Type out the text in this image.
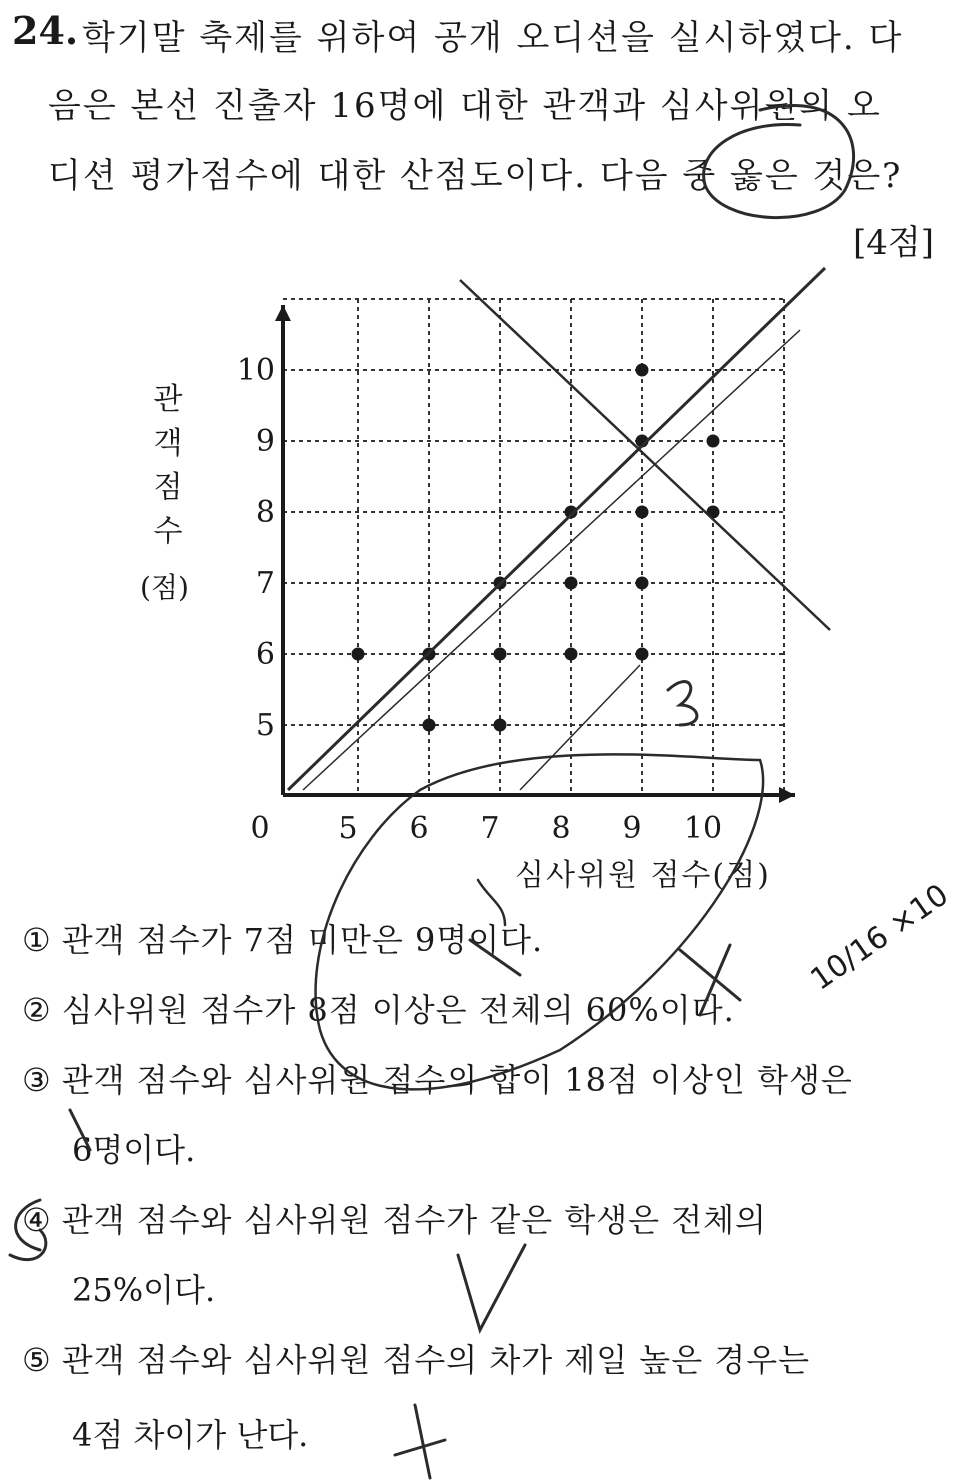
24. 학기말 축제를 위하여 공개 오디션을 실시하였다. 다
음은 본선 진출자 16명에 대한 관객과 심사위원의 오
디션 평가점수에 대한 산점도이다. 다음 중 옳은 것은?
[4점]
0 5 6 7 8 9 10
5
6
7
8
9
10
관
객
점
수
(점)
심사위원 점수(점)
① 관객 점수가 7점 미만은 9명이다.
② 심사위원 점수가 8점 이상은 전체의 60%이다.
③ 관객 점수와 심사위원 점수의 합이 18점 이상인 학생은
6명이다.
④ 관객 점수와 심사위원 점수가 같은 학생은 전체의
25%이다.
⑤ 관객 점수와 심사위원 점수의 차가 제일 높은 경우는
4점 차이가 난다.
10/16 ×10
